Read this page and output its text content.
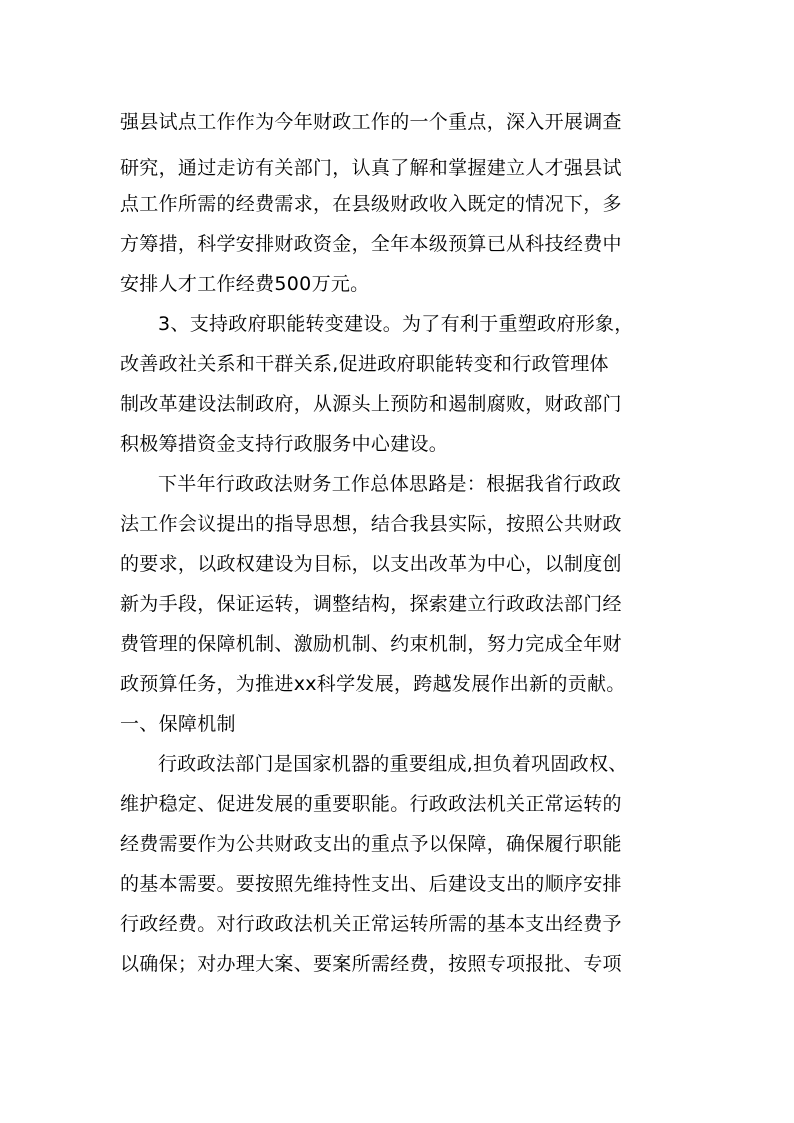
强县试点工作作为今年财政工作的一个重点，深入开展调查
研究，通过走访有关部门，认真了解和掌握建立人才强县试
点工作所需的经费需求，在县级财政收入既定的情况下，多
方筹措，科学安排财政资金，全年本级预算已从科技经费中
安排人才工作经费500万元。
3、支持政府职能转变建设。为了有利于重塑政府形象，
改善政社关系和干群关系,促进政府职能转变和行政管理体
制改革建设法制政府，从源头上预防和遏制腐败，财政部门
积极筹措资金支持行政服务中心建设。
下半年行政政法财务工作总体思路是：根据我省行政政
法工作会议提出的指导思想，结合我县实际，按照公共财政
的要求，以政权建设为目标，以支出改革为中心，以制度创
新为手段，保证运转，调整结构，探索建立行政政法部门经
费管理的保障机制、激励机制、约束机制，努力完成全年财
政预算任务，为推进xx科学发展，跨越发展作出新的贡献。
一、保障机制
行政政法部门是国家机器的重要组成,担负着巩固政权、
维护稳定、促进发展的重要职能。行政政法机关正常运转的
经费需要作为公共财政支出的重点予以保障，确保履行职能
的基本需要。要按照先维持性支出、后建设支出的顺序安排
行政经费。对行政政法机关正常运转所需的基本支出经费予
以确保；对办理大案、要案所需经费，按照专项报批、专项
